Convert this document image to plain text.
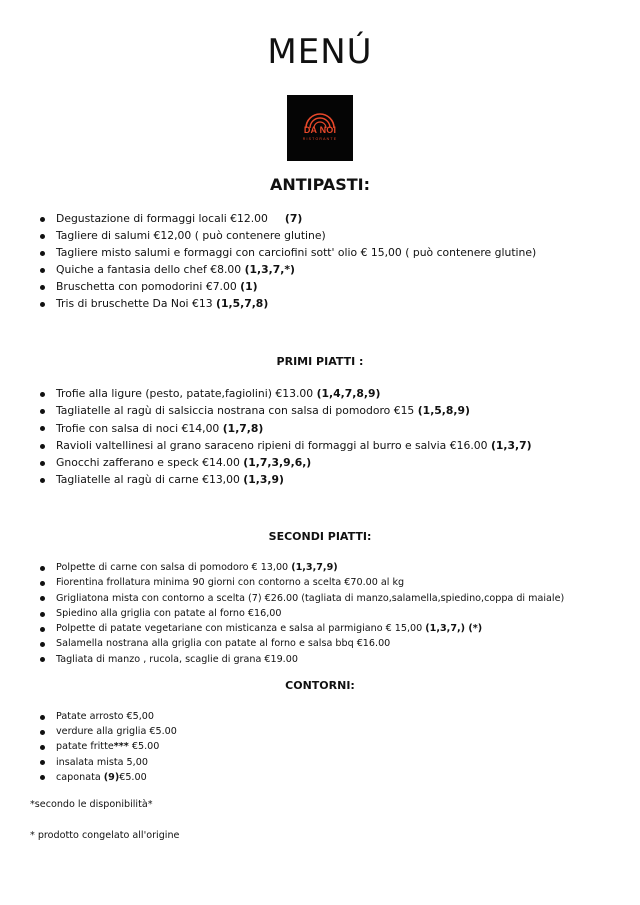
MENÚ
DA NOI
RISTORANTE
ANTIPASTI:
Degustazione di formaggi locali €12.00 (7)
Tagliere di salumi €12,00 ( può contenere glutine)
Tagliere misto salumi e formaggi con carciofini sott' olio € 15,00 ( può contenere glutine)
Quiche a fantasia dello chef €8.00 (1,3,7,*)
Bruschetta con pomodorini €7.00 (1)
Tris di bruschette Da Noi €13 (1,5,7,8)
PRIMI PIATTI :
Trofie alla ligure (pesto, patate,fagiolini) €13.00 (1,4,7,8,9)
Tagliatelle al ragù di salsiccia nostrana con salsa di pomodoro €15 (1,5,8,9)
Trofie con salsa di noci €14,00 (1,7,8)
Ravioli valtellinesi al grano saraceno ripieni di formaggi al burro e salvia €16.00 (1,3,7)
Gnocchi zafferano e speck €14.00 (1,7,3,9,6,)
Tagliatelle al ragù di carne €13,00 (1,3,9)
SECONDI PIATTI:
Polpette di carne con salsa di pomodoro € 13,00 (1,3,7,9)
Fiorentina frollatura minima 90 giorni con contorno a scelta €70.00 al kg
Grigliatona mista con contorno a scelta (7) €26.00 (tagliata di manzo,salamella,spiedino,coppa di maiale)
Spiedino alla griglia con patate al forno €16,00
Polpette di patate vegetariane con misticanza e salsa al parmigiano € 15,00 (1,3,7,) (*)
Salamella nostrana alla griglia con patate al forno e salsa bbq €16.00
Tagliata di manzo , rucola, scaglie di grana €19.00
CONTORNI:
Patate arrosto €5,00
verdure alla griglia €5.00
patate fritte*** €5.00
insalata mista 5,00
caponata (9)€5.00
*secondo le disponibilità*
* prodotto congelato all'origine
